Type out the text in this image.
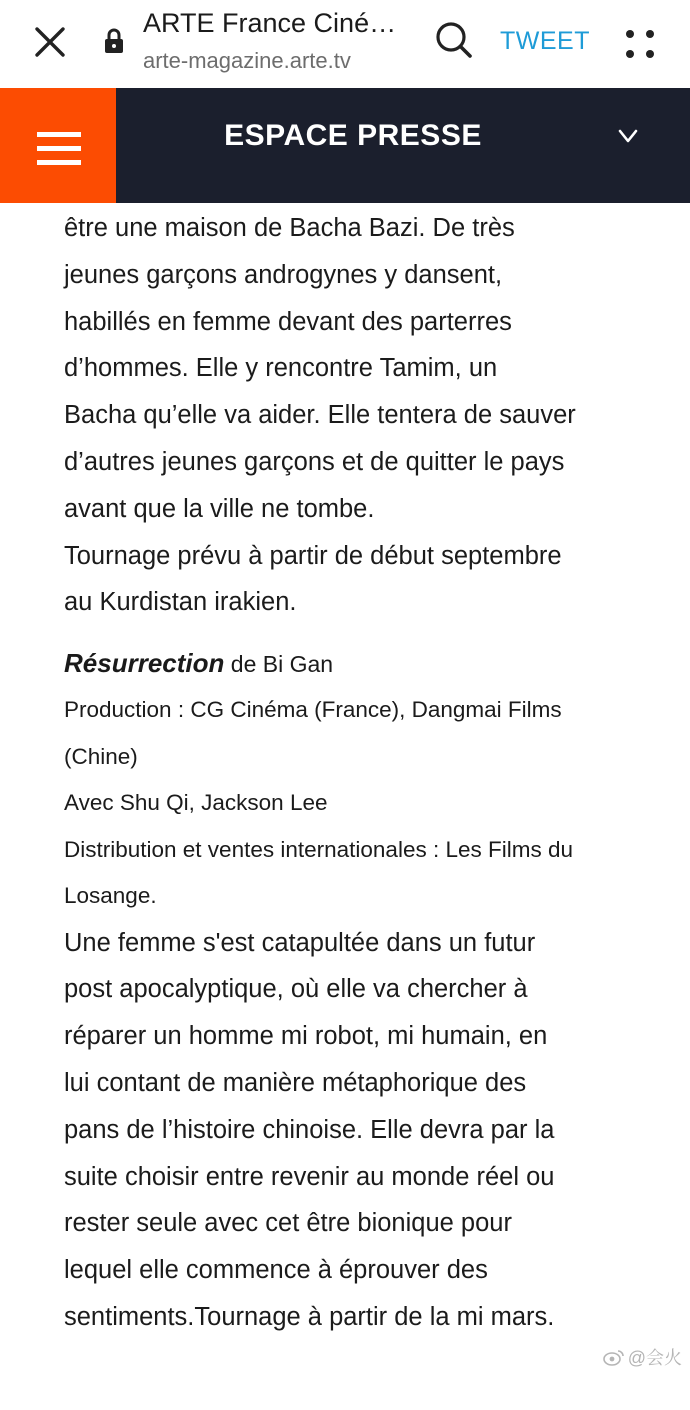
ARTE France Ciné…
arte-magazine.arte.tv
TWEET
ESPACE PRESSE

être une maison de Bacha Bazi. De très

jeunes garçons androgynes y dansent,

habillés en femme devant des parterres

d’hommes. Elle y rencontre Tamim, un

Bacha qu’elle va aider. Elle tentera de sauver

d’autres jeunes garçons et de quitter le pays

avant que la ville ne tombe.

Tournage prévu à partir de début septembre

au Kurdistan irakien.

Résurrection de Bi Gan

Production : CG Cinéma (France), Dangmai Films

(Chine)

Avec Shu Qi, Jackson Lee

Distribution et ventes internationales : Les Films du

Losange.

Une femme s'est catapultée dans un futur

post apocalyptique, où elle va chercher à

réparer un homme mi robot, mi humain, en

lui contant de manière métaphorique des

pans de l’histoire chinoise. Elle devra par la

suite choisir entre revenir au monde réel ou

rester seule avec cet être bionique pour

lequel elle commence à éprouver des

sentiments.Tournage à partir de la mi mars.

@会火
